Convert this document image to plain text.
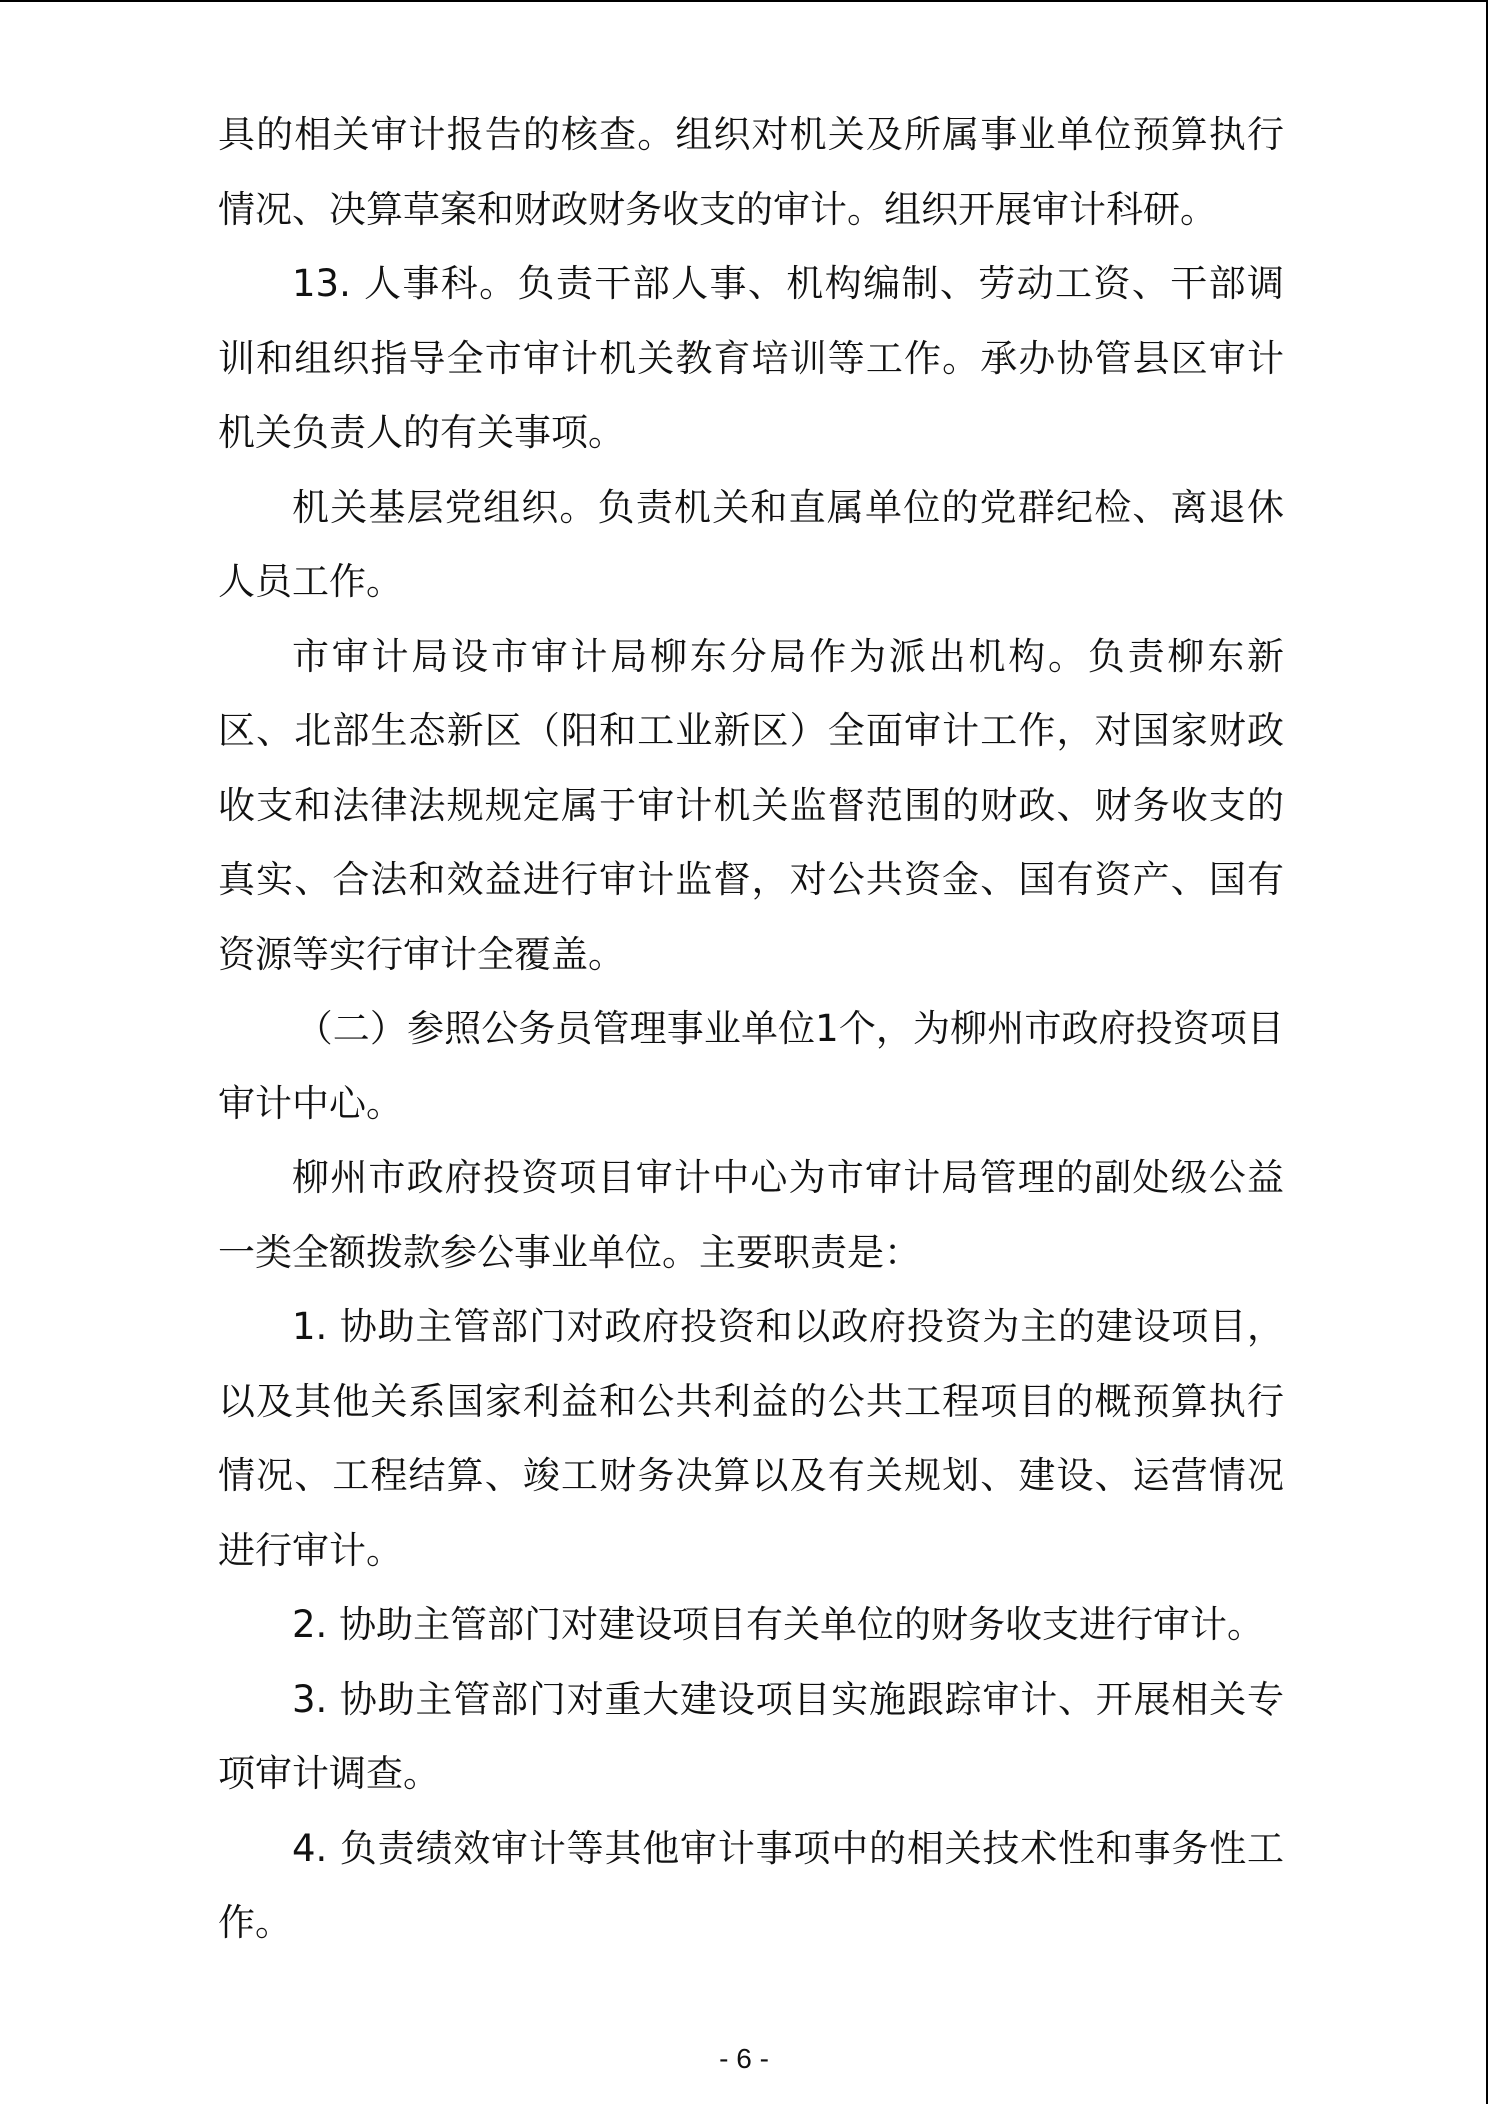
具的相关审计报告的核查。组织对机关及所属事业单位预算执行情况、决算草案和财政财务收支的审计。组织开展审计科研。

13. 人事科。负责干部人事、机构编制、劳动工资、干部调训和组织指导全市审计机关教育培训等工作。承办协管县区审计机关负责人的有关事项。

机关基层党组织。负责机关和直属单位的党群纪检、离退休人员工作。

市审计局设市审计局柳东分局作为派出机构。负责柳东新区、北部生态新区（阳和工业新区）全面审计工作，对国家财政收支和法律法规规定属于审计机关监督范围的财政、财务收支的真实、合法和效益进行审计监督，对公共资金、国有资产、国有资源等实行审计全覆盖。

（二）参照公务员管理事业单位1个，为柳州市政府投资项目审计中心。

柳州市政府投资项目审计中心为市审计局管理的副处级公益一类全额拨款参公事业单位。主要职责是：

1. 协助主管部门对政府投资和以政府投资为主的建设项目，以及其他关系国家利益和公共利益的公共工程项目的概预算执行情况、工程结算、竣工财务决算以及有关规划、建设、运营情况进行审计。

2. 协助主管部门对建设项目有关单位的财务收支进行审计。

3. 协助主管部门对重大建设项目实施跟踪审计、开展相关专项审计调查。

4. 负责绩效审计等其他审计事项中的相关技术性和事务性工作。

- 6 -
